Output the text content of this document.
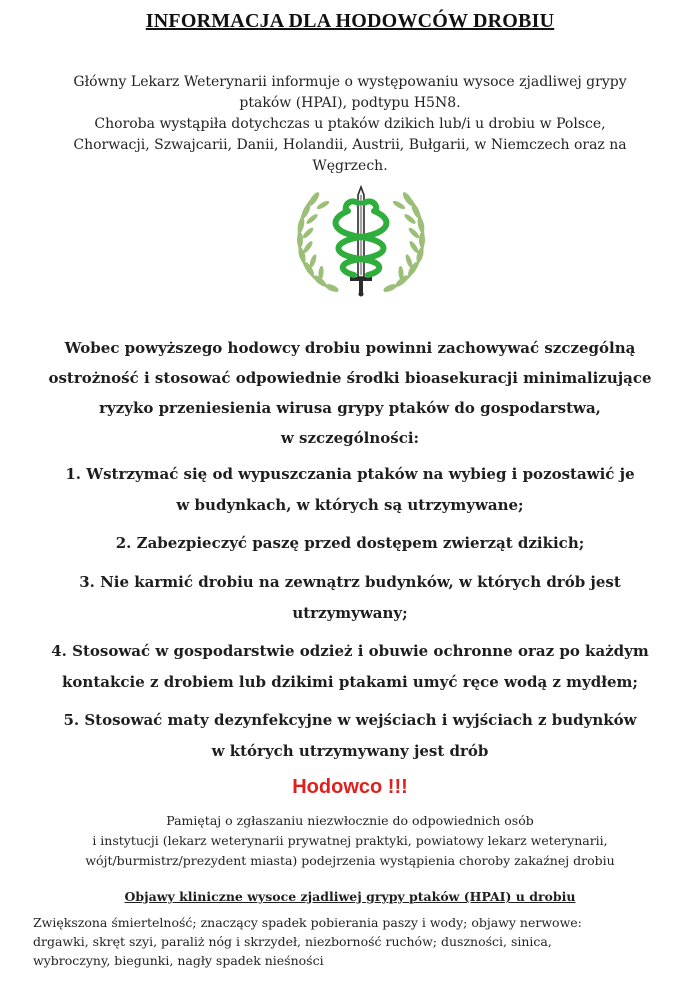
INFORMACJA DLA HODOWCÓW DROBIU
Główny Lekarz Weterynarii informuje o występowaniu wysoce zjadliwej grypy
ptaków (HPAI), podtypu H5N8.
Choroba wystąpiła dotychczas u ptaków dzikich lub/i u drobiu w Polsce,
Chorwacji, Szwajcarii, Danii, Holandii, Austrii, Bułgarii, w Niemczech oraz na
Węgrzech.
Wobec powyższego hodowcy drobiu powinni zachowywać szczególną
ostrożność i stosować odpowiednie środki bioasekuracji minimalizujące
ryzyko przeniesienia wirusa grypy ptaków do gospodarstwa,
w szczególności:
1. Wstrzymać się od wypuszczania ptaków na wybieg i pozostawić je
w budynkach, w których są utrzymywane;
2. Zabezpieczyć paszę przed dostępem zwierząt dzikich;
3. Nie karmić drobiu na zewnątrz budynków, w których drób jest
utrzymywany;
4. Stosować w gospodarstwie odzież i obuwie ochronne oraz po każdym
kontakcie z drobiem lub dzikimi ptakami umyć ręce wodą z mydłem;
5. Stosować maty dezynfekcyjne w wejściach i wyjściach z budynków
w których utrzymywany jest drób
Hodowco !!!
Pamiętaj o zgłaszaniu niezwłocznie do odpowiednich osób
i instytucji (lekarz weterynarii prywatnej praktyki, powiatowy lekarz weterynarii,
wójt/burmistrz/prezydent miasta) podejrzenia wystąpienia choroby zakaźnej drobiu
Objawy kliniczne wysoce zjadliwej grypy ptaków (HPAI) u drobiu
Zwiększona śmiertelność; znaczący spadek pobierania paszy i wody; objawy nerwowe:
drgawki, skręt szyi, paraliż nóg i skrzydeł, niezborność ruchów; duszności, sinica,
wybroczyny, biegunki, nagły spadek nieśności
